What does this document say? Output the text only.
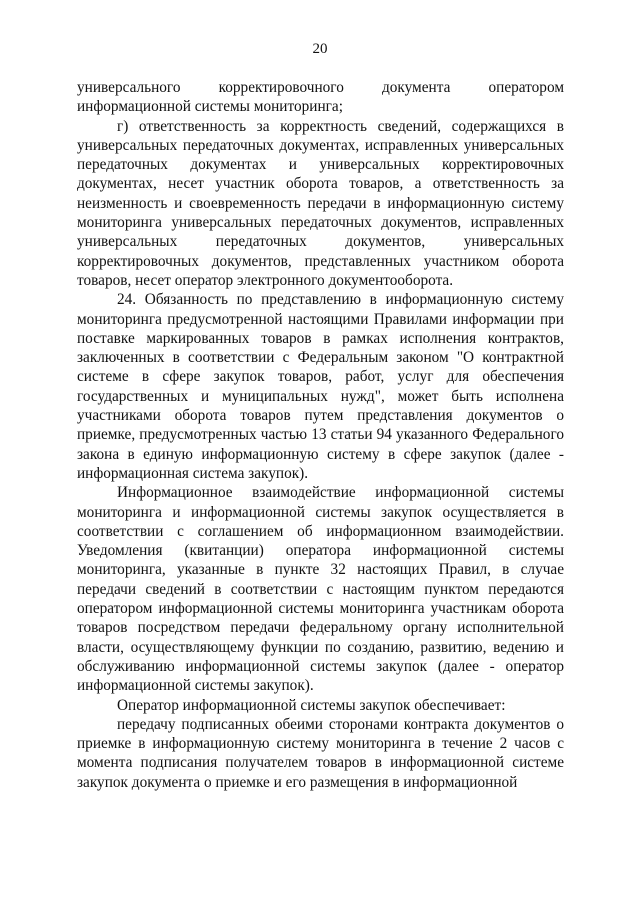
20

универсального корректировочного документа оператором информационной системы мониторинга;

г) ответственность за корректность сведений, содержащихся в универсальных передаточных документах, исправленных универсальных передаточных документах и универсальных корректировочных документах, несет участник оборота товаров, а ответственность за неизменность и своевременность передачи в информационную систему мониторинга универсальных передаточных документов, исправленных универсальных передаточных документов, универсальных корректировочных документов, представленных участником оборота товаров, несет оператор электронного документооборота.

24. Обязанность по представлению в информационную систему мониторинга предусмотренной настоящими Правилами информации при поставке маркированных товаров в рамках исполнения контрактов, заключенных в соответствии с Федеральным законом "О контрактной системе в сфере закупок товаров, работ, услуг для обеспечения государственных и муниципальных нужд", может быть исполнена участниками оборота товаров путем представления документов о приемке, предусмотренных частью 13 статьи 94 указанного Федерального закона в единую информационную систему в сфере закупок (далее - информационная система закупок).

Информационное взаимодействие информационной системы мониторинга и информационной системы закупок осуществляется в соответствии с соглашением об информационном взаимодействии. Уведомления (квитанции) оператора информационной системы мониторинга, указанные в пункте 32 настоящих Правил, в случае передачи сведений в соответствии с настоящим пунктом передаются оператором информационной системы мониторинга участникам оборота товаров посредством передачи федеральному органу исполнительной власти, осуществляющему функции по созданию, развитию, ведению и обслуживанию информационной системы закупок (далее - оператор информационной системы закупок).

Оператор информационной системы закупок обеспечивает:

передачу подписанных обеими сторонами контракта документов о приемке в информационную систему мониторинга в течение 2 часов с момента подписания получателем товаров в информационной системе закупок документа о приемке и его размещения в информационной
